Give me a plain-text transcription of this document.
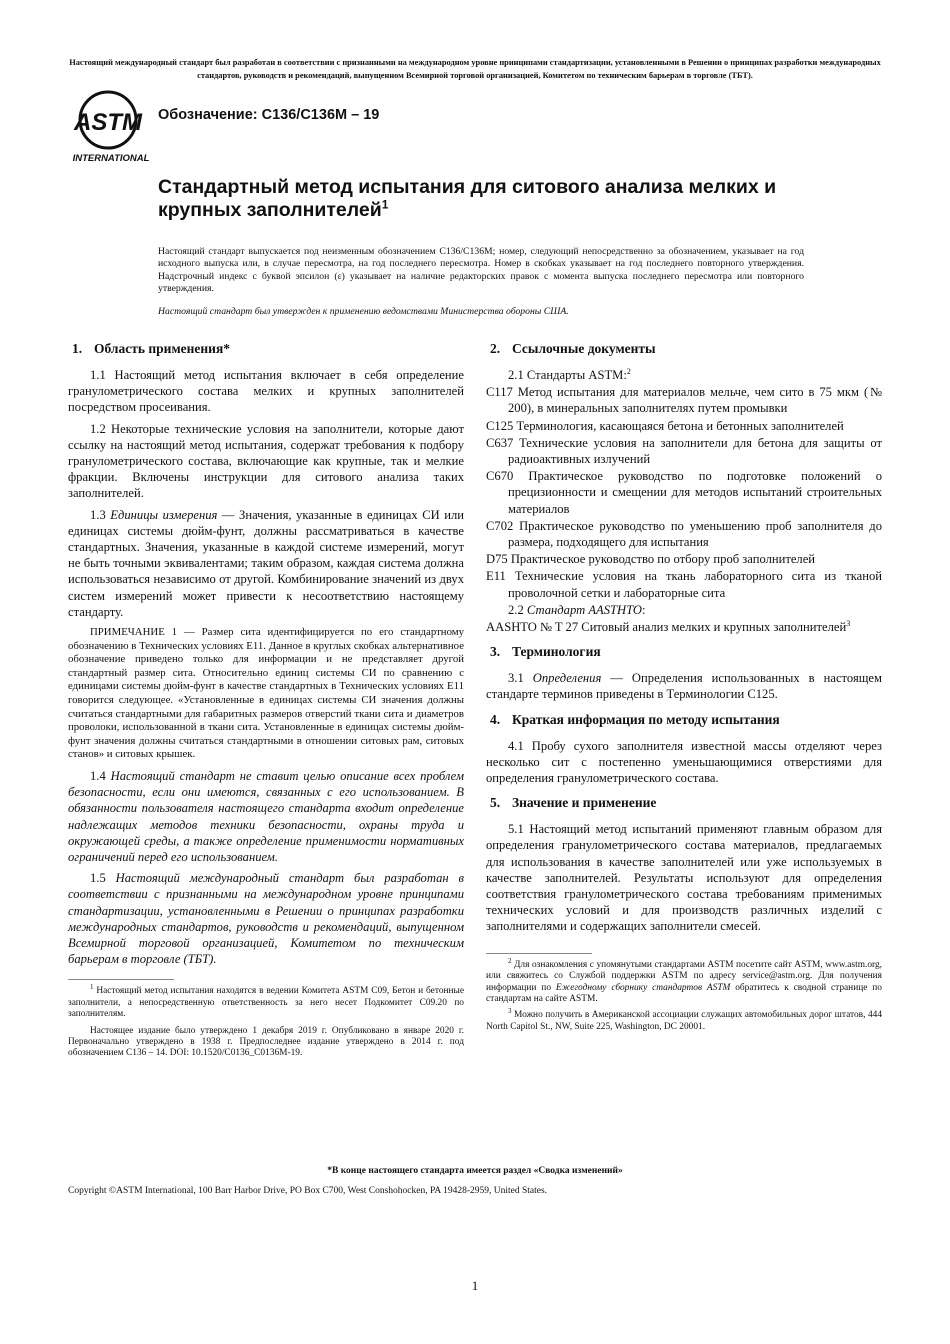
Настоящий международный стандарт был разработан в соответствии с признанными на международном уровне принципами стандартизации, установленными в Решении о принципах разработки международных стандартов, руководств и рекомендаций, выпущенном Всемирной торговой организацией, Комитетом по техническим барьерам в торговле (ТБТ).
ASTM
INTERNATIONAL
Обозначение: C136/C136M – 19
Стандартный метод испытания для ситового анализа мелких и крупных заполнителей$^1$

Настоящий стандарт выпускается под неизменным обозначением C136/C136M; номер, следующий непосредственно за обозначением, указывает на год исходного выпуска или, в случае пересмотра, на год последнего пересмотра. Номер в скобках указывает на год последнего повторного утверждения. Надстрочный индекс с буквой эпсилон (ε) указывает на наличие редакторских правок с момента выпуска последнего пересмотра или повторного утверждения.

Настоящий стандарт был утвержден к применению ведомствами Министерства обороны США.

1. Область применения*

1.1 Настоящий метод испытания включает в себя определение гранулометрического состава мелких и крупных заполнителей посредством просеивания.

1.2 Некоторые технические условия на заполнители, которые дают ссылку на настоящий метод испытания, содержат требования к подбору гранулометрического состава, включающие как крупные, так и мелкие фракции. Включены инструкции для ситового анализа таких заполнителей.

1.3 Единицы измерения — Значения, указанные в единицах СИ или единицах системы дюйм-фунт, должны рассматриваться в качестве стандартных. Значения, указанные в каждой системе измерений, могут не быть точными эквивалентами; таким образом, каждая система должна использоваться независимо от другой. Комбинирование значений из двух систем измерений может привести к несоответствию настоящему стандарту.

ПРИМЕЧАНИЕ 1 — Размер сита идентифицируется по его стандартному обозначению в Технических условиях E11. Данное в круглых скобках альтернативное обозначение приведено только для информации и не представляет другой стандартный размер сита. Относительно единиц системы СИ по сравнению с единицами системы дюйм-фунт в качестве стандартных в Технических условиях E11 говорится следующее. «Установленные в единицах системы СИ значения должны считаться стандартными для габаритных размеров отверстий ткани сита и диаметров проволоки, использованной в ткани сита. Установленные в единицах системы дюйм-фунт значения должны считаться стандартными в отношении ситовых рам, ситовых станов» и ситовых крышек.

1.4 Настоящий стандарт не ставит целью описание всех проблем безопасности, если они имеются, связанных с его использованием. В обязанности пользователя настоящего стандарта входит определение надлежащих методов техники безопасности, охраны труда и окружающей среды, а также определение применимости нормативных ограничений перед его использованием.

1.5 Настоящий международный стандарт был разработан в соответствии с признанными на международном уровне принципами стандартизации, установленными в Решении о принципах разработки международных стандартов, руководств и рекомендаций, выпущенном Всемирной торговой организацией, Комитетом по техническим барьерам в торговле (ТБТ).

$^1$ Настоящий метод испытания находятся в ведении Комитета ASTM C09, Бетон и бетонные заполнители, а непосредственную ответственность за него несет Подкомитет C09.20 по заполнителям.

Настоящее издание было утверждено 1 декабря 2019 г. Опубликовано в январе 2020 г. Первоначально утверждено в 1938 г. Предпоследнее издание утверждено в 2014 г. под обозначением C136 – 14. DOI: 10.1520/C0136_C0136M-19.

2. Ссылочные документы

2.1 Стандарты ASTM:$^2$

C117 Метод испытания для материалов мельче, чем сито в 75 мкм (№ 200), в минеральных заполнителях путем промывки

C125 Терминология, касающаяся бетона и бетонных заполнителей

C637 Технические условия на заполнители для бетона для защиты от радиоактивных излучений

C670 Практическое руководство по подготовке положений о прецизионности и смещении для методов испытаний строительных материалов

C702 Практическое руководство по уменьшению проб заполнителя до размера, подходящего для испытания

D75 Практическое руководство по отбору проб заполнителей

E11 Технические условия на ткань лабораторного сита из тканой проволочной сетки и лабораторные сита

2.2 Стандарт AASTHTO:

AASHTO № T 27 Ситовый анализ мелких и крупных заполнителей$^3$

3. Терминология

3.1 Определения — Определения использованных в настоящем стандарте терминов приведены в Терминологии C125.

4. Краткая информация по методу испытания

4.1 Пробу сухого заполнителя известной массы отделяют через несколько сит с постепенно уменьшающимися отверстиями для определения гранулометрического состава.

5. Значение и применение

5.1 Настоящий метод испытаний применяют главным образом для определения гранулометрического состава материалов, предлагаемых для использования в качестве заполнителей или уже используемых в качестве заполнителей. Результаты используют для определения соответствия гранулометрического состава требованиям применимых технических условий и для производств различных изделий с заполнителями и содержащих заполнители смесей.

$^2$ Для ознакомления с упомянутыми стандартами ASTM посетите сайт ASTM, www.astm.org, или свяжитесь со Службой поддержки ASTM по адресу service@astm.org. Для получения информации по Ежегодному сборнику стандартов ASTM обратитесь к сводной странице по стандартам на сайте ASTM.

$^3$ Можно получить в Американской ассоциации служащих автомобильных дорог штатов, 444 North Capitol St., NW, Suite 225, Washington, DC 20001.

*В конце настоящего стандарта имеется раздел «Сводка изменений»
Copyright ©ASTM International, 100 Barr Harbor Drive, PO Box C700, West Conshohocken, PA 19428-2959, United States.
1
